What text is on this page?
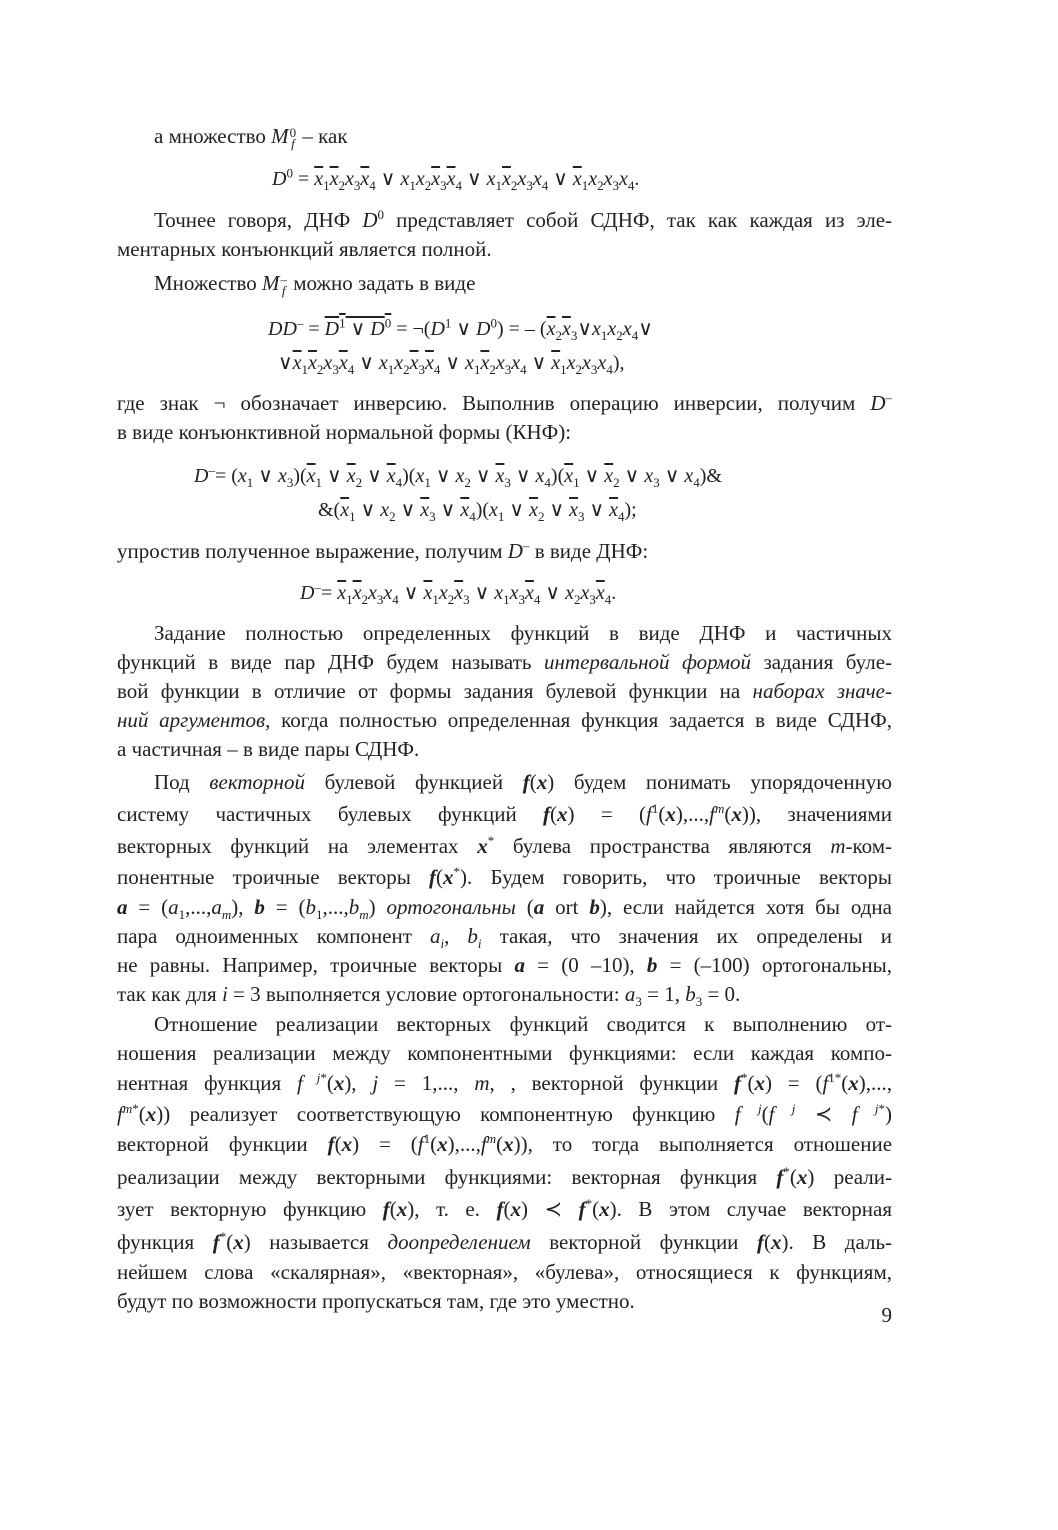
а множество M 0
f – как
$D^0 = \overline{x}_1\overline{x}_2x_3\overline{x}_4$ ∨ $x_1x_2\overline{x}_3\overline{x}_4$ ∨ $x_1\overline{x}_2x_3x_4$ ∨ $\overline{x}_1x_2x_3x_4$.
Точнее говоря, ДНФ $D^0$ представляет собой СДНФ, так как каждая из эле-
ментарных конъюнкций является полной.
Множество M –
f можно задать в виде
$DD^- = D^1$ ∨ $D^0$ = $\neg(D^1$ ∨ $D^0$) = – ($\overline{x}_2\overline{x}_3\vee x_1x_2x_4\vee$
$\vee\overline{x}_1\overline{x}_2x_3\overline{x}_4$ ∨ $x_1x_2\overline{x}_3\overline{x}_4$ ∨ $x_1\overline{x}_2x_3x_4$ ∨ $\overline{x}_1x_2x_3x_4$),
где знак ¬ обозначает инверсию. Выполнив операцию инверсии, получим D–
в виде конъюнктивной нормальной формы (КНФ):
$D^-= (x_1$ ∨ $x_3)(\overline{x}_1$ ∨ $\overline{x}_2$ ∨ $\overline{x}_4)(x_1$ ∨ $x_2$ ∨ $\overline{x}_3$ ∨ $x_4)(\overline{x}_1$ ∨ $\overline{x}_2$ ∨ $x_3$ ∨ $x_4)\&$
$\&(\overline{x}_1$ ∨ $x_2$ ∨ $\overline{x}_3$ ∨ $\overline{x}_4)(x_1$ ∨ $\overline{x}_2$ ∨ $\overline{x}_3$ ∨ $\overline{x}_4$);
упростив полученное выражение, получим D– в виде ДНФ:
$D^-= \overline{x}_1\overline{x}_2x_3x_4$ ∨ $\overline{x}_1x_2\overline{x}_3$ ∨ $x_1x_3\overline{x}_4$ ∨ $x_2x_3\overline{x}_4$.
Задание полностью определенных функций в виде ДНФ и частичных
функций в виде пар ДНФ будем называть интервальной формой задания буле-
вой функции в отличие от формы задания булевой функции на наборах значе-
ний аргументов, когда полностью определенная функция задается в виде СДНФ,
а частичная – в виде пары СДНФ.
Под векторной булевой функцией f(x) будем понимать упорядоченную
систему частичных булевых функций $f(x) = (f^1(x),...,f^m(x))$, значениями
векторных функций на элементах x* булева пространства являются m-ком-
понентные троичные векторы f(x*). Будем говорить, что троичные векторы
$a = (a_1,...,a_m)$, $b = (b_1,...,b_m)$ ортогональны (a ort b), если найдется хотя бы одна
пара одноименных компонент $a_i$, $b_i$ такая, что значения их определены и
не равны. Например, троичные векторы a = (0 –10), b = (–100) ортогональны,
так как для i = 3 выполняется условие ортогональности: $a_3 = 1$, $b_3 = 0$.
Отношение реализации векторных функций сводится к выполнению от-
ношения реализации между компонентными функциями: если каждая компо-
нентная функция f $^{j*}$(x), j = 1,..., m, , векторной функции $f^*(x) = (f^{1*}(x)$,...,
$f^{m*}(x)$) реализует соответствующую компонентную функцию f $^j$(f $^j$ ≺ f $^{j*}$)
векторной функции $f(x) = (f^1(x),...,f^m(x))$, то тогда выполняется отношение
реализации между векторными функциями: векторная функция f*(x) реали-
зует векторную функцию f(x), т. е. f(x) ≺ f*(x). В этом случае векторная
функция f*(x) называется доопределением векторной функции f(x). В даль-
нейшем слова «скалярная», «векторная», «булева», относящиеся к функциям,
будут по возможности пропускаться там, где это уместно.
9
